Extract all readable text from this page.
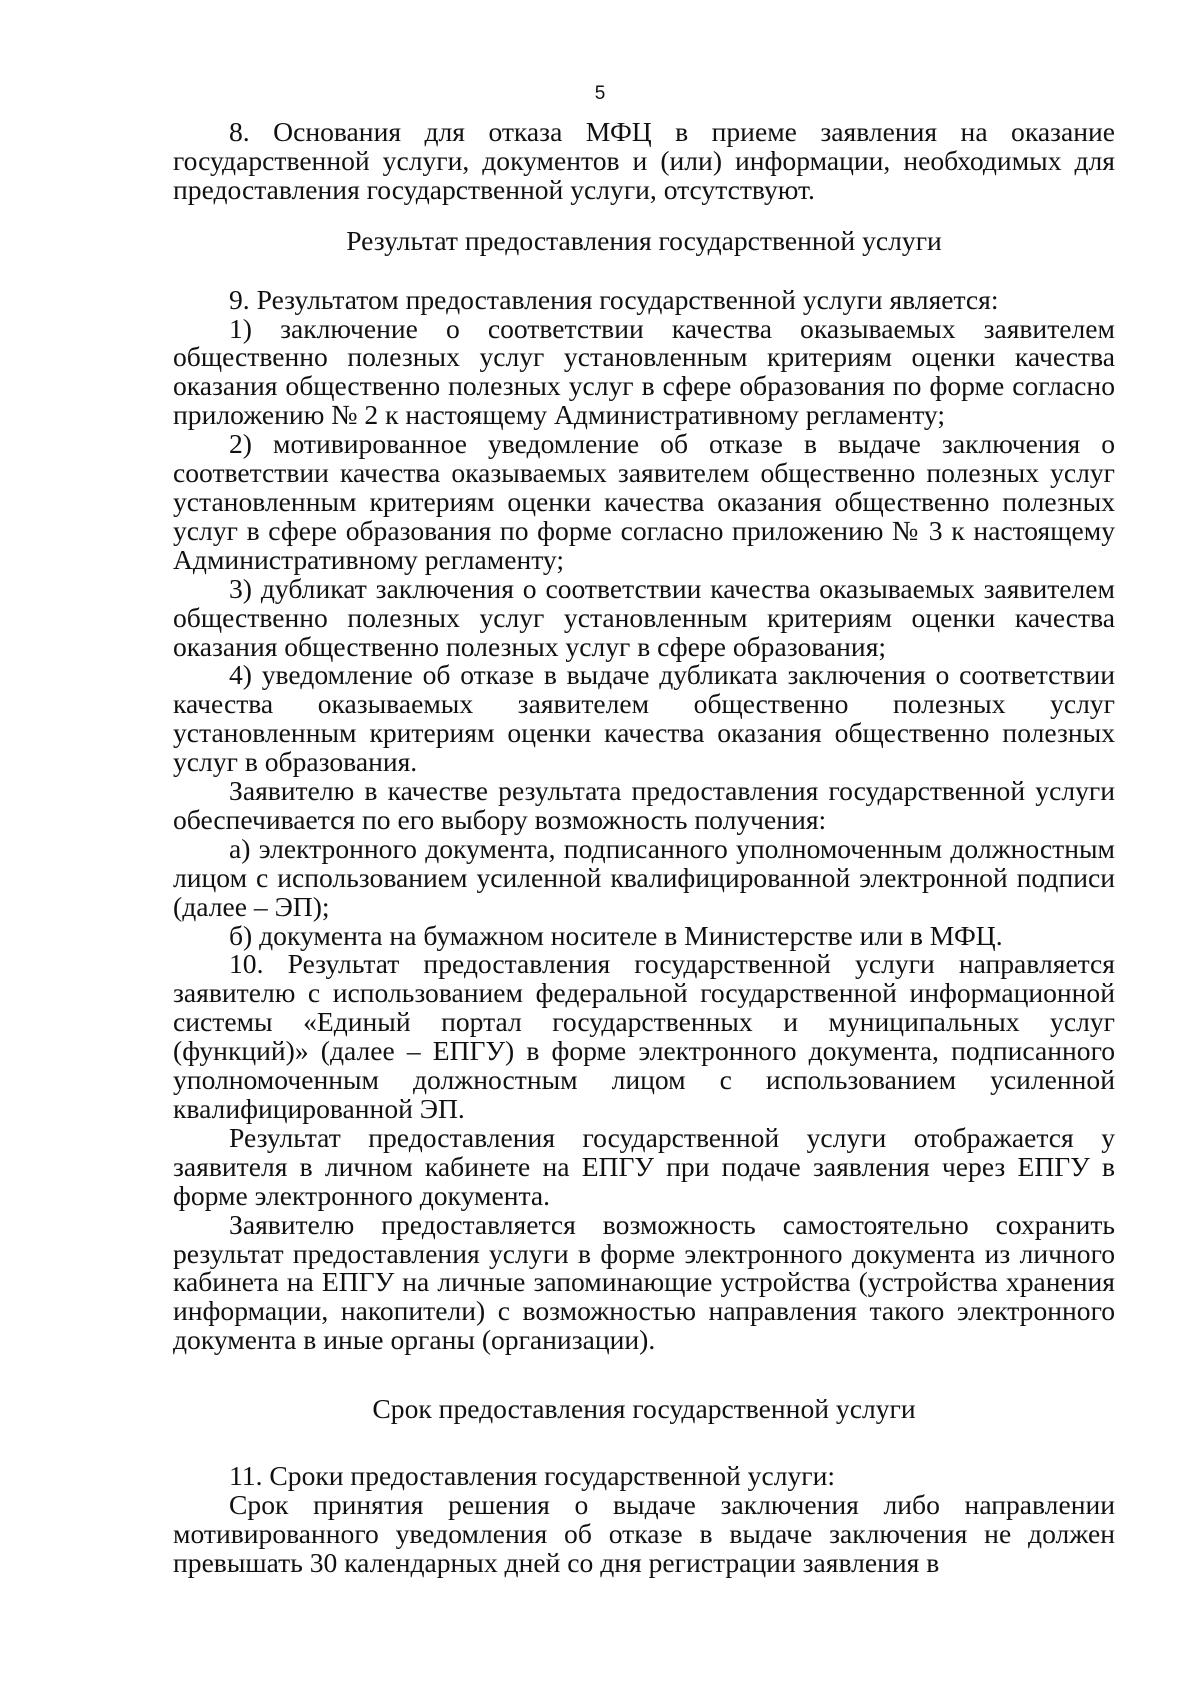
5

8. Основания для отказа МФЦ в приеме заявления на оказание государственной услуги, документов и (или) информации, необходимых для предоставления государственной услуги, отсутствуют.

Результат предоставления государственной услуги

9. Результатом предоставления государственной услуги является:

1) заключение о соответствии качества оказываемых заявителем общественно полезных услуг установленным критериям оценки качества оказания общественно полезных услуг в сфере образования по форме согласно приложению № 2 к настоящему Административному регламенту;

2) мотивированное уведомление об отказе в выдаче заключения о соответствии качества оказываемых заявителем общественно полезных услуг установленным критериям оценки качества оказания общественно полезных услуг в сфере образования по форме согласно приложению № 3 к настоящему Административному регламенту;

3) дубликат заключения о соответствии качества оказываемых заявителем общественно полезных услуг установленным критериям оценки качества оказания общественно полезных услуг в сфере образования;

4) уведомление об отказе в выдаче дубликата заключения о соответствии качества оказываемых заявителем общественно полезных услуг установленным критериям оценки качества оказания общественно полезных услуг в образования.

Заявителю в качестве результата предоставления государственной услуги обеспечивается по его выбору возможность получения:

а) электронного документа, подписанного уполномоченным должностным лицом с использованием усиленной квалифицированной электронной подписи (далее – ЭП);

б) документа на бумажном носителе в Министерстве или в МФЦ.

10. Результат предоставления государственной услуги направляется заявителю с использованием федеральной государственной информационной системы «Единый портал государственных и муниципальных услуг (функций)» (далее – ЕПГУ) в форме электронного документа, подписанного уполномоченным должностным лицом с использованием усиленной квалифицированной ЭП.

Результат предоставления государственной услуги отображается у заявителя в личном кабинете на ЕПГУ при подаче заявления через ЕПГУ в форме электронного документа.

Заявителю предоставляется возможность самостоятельно сохранить результат предоставления услуги в форме электронного документа из личного кабинета на ЕПГУ на личные запоминающие устройства (устройства хранения информации, накопители) с возможностью направления такого электронного документа в иные органы (организации).

Срок предоставления государственной услуги

11. Сроки предоставления государственной услуги:

Срок принятия решения о выдаче заключения либо направлении мотивированного уведомления об отказе в выдаче заключения не должен превышать 30 календарных дней со дня регистрации заявления в
